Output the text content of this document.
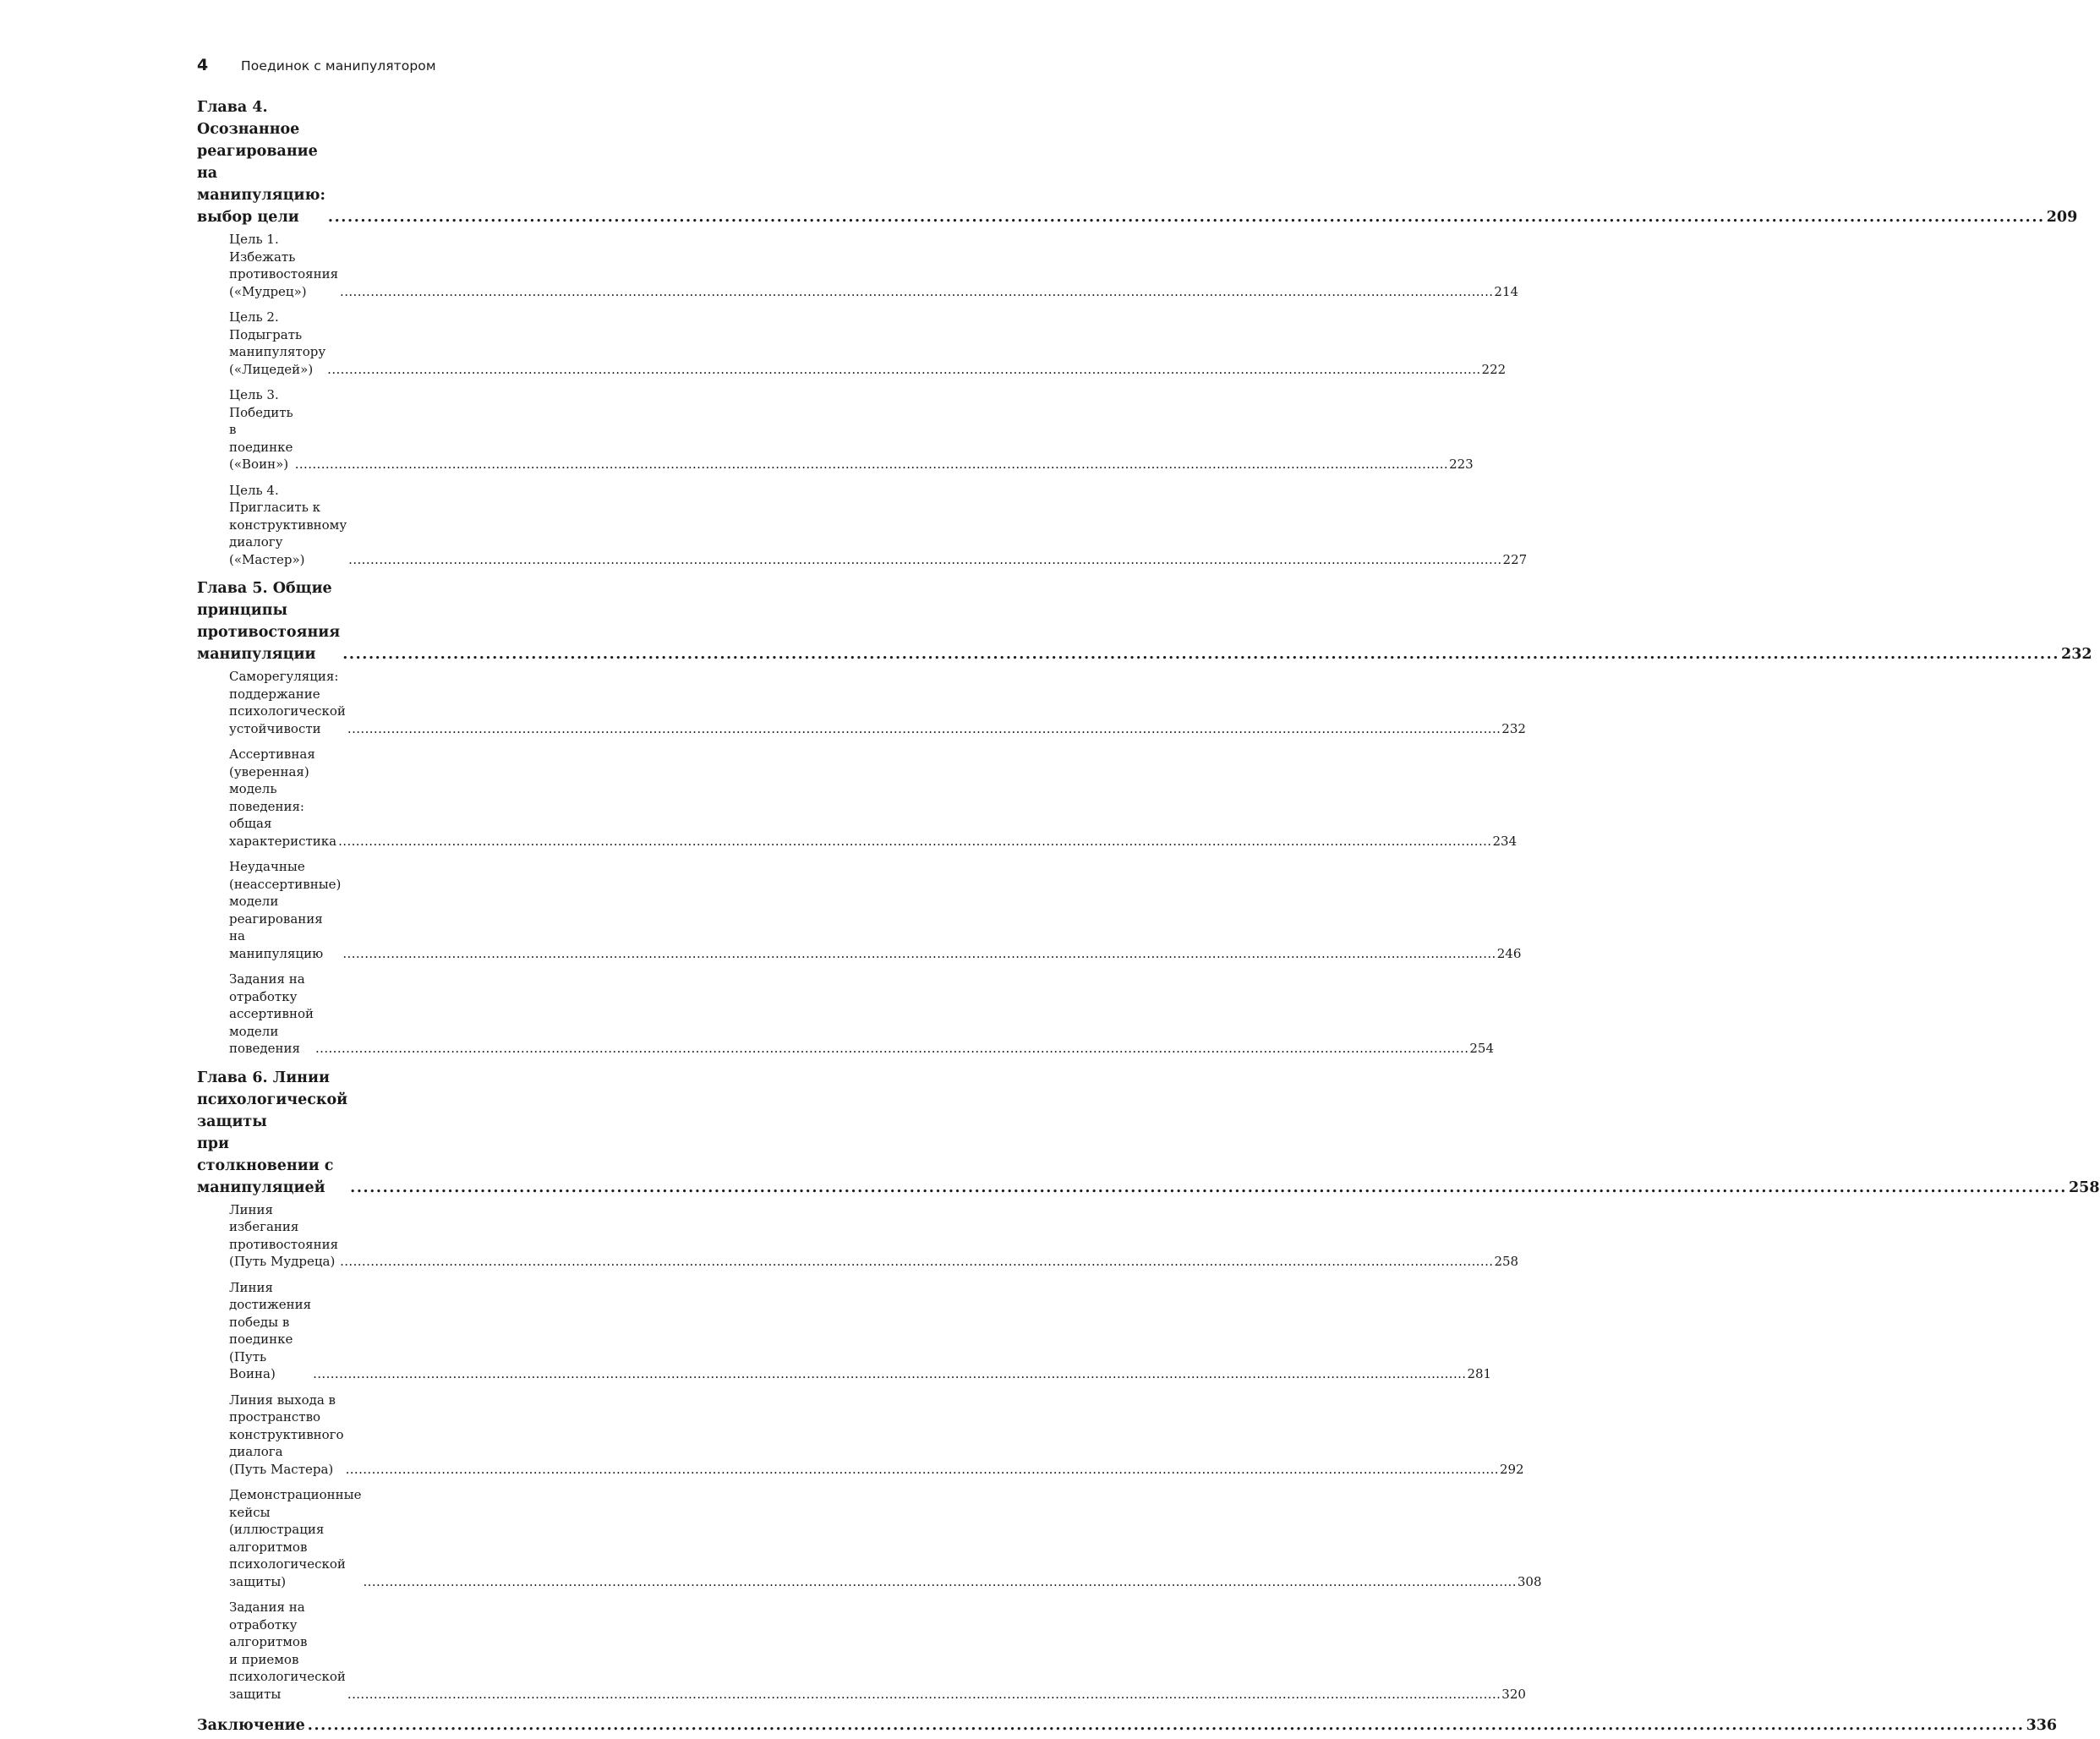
4	Поединок с манипулятором
Глава 4. Осознанное реагирование
на манипуляцию: выбор цели .....	209
Цель 1. Избежать противостояния («Мудрец») .....	214
Цель 2. Подыграть манипулятору («Лицедей») .....	222
Цель 3. Победить в поединке («Воин») .....	223
Цель 4. Пригласить к конструктивному диалогу
(«Мастер») .....	227
Глава 5. Общие принципы противостояния
манипуляции .....	232
Саморегуляция: поддержание психологической
устойчивости .....	232
Ассертивная (уверенная) модель поведения:
общая характеристика .....	234
Неудачные (неассертивные) модели реагирования
на манипуляцию .....	246
Задания на отработку ассертивной модели поведения .....	254
Глава 6. Линии психологической защиты
при столкновении с манипуляцией .....	258
Линия избегания противостояния (Путь Мудреца) .....	258
Линия достижения победы в поединке (Путь Воина) .....	281
Линия выхода в пространство конструктивного диалога
(Путь Мастера) .....	292
Демонстрационные кейсы (иллюстрация алгоритмов
психологической защиты) .....	308
Задания на отработку алгоритмов
и приемов психологической защиты .....	320
Заключение .....	336
